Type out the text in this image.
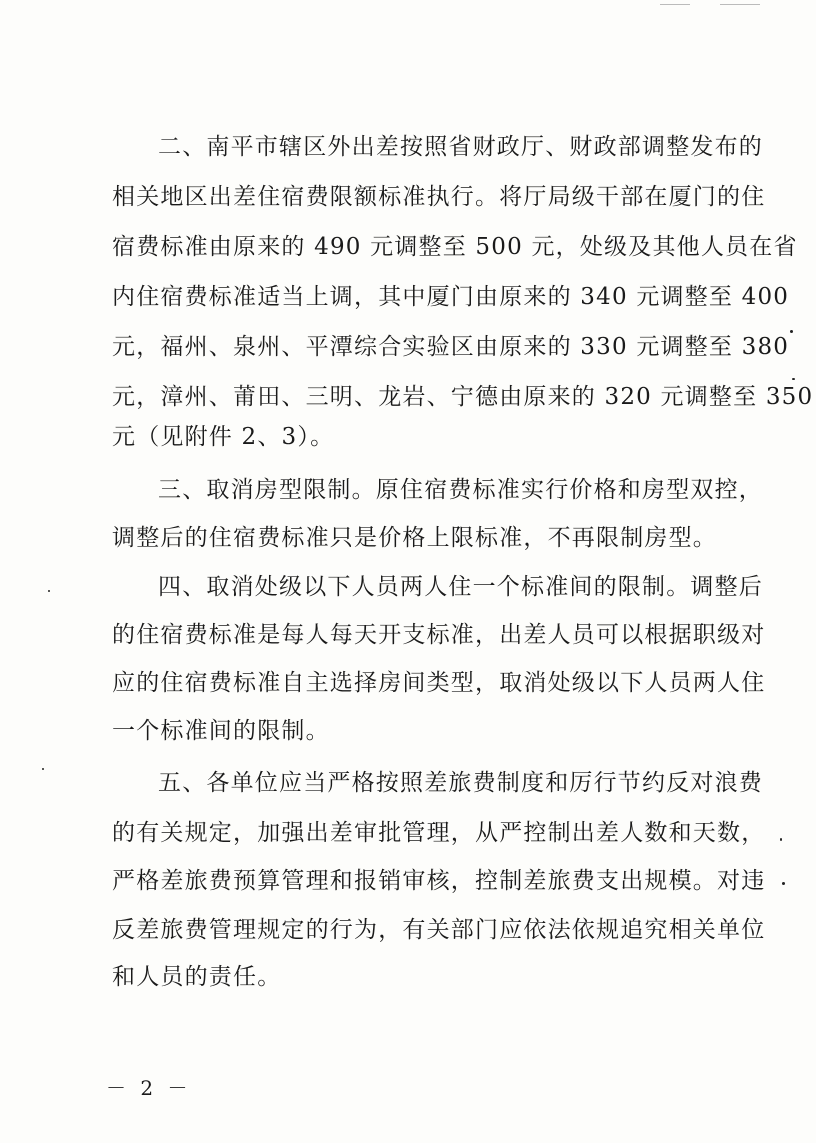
二、南平市辖区外出差按照省财政厅、财政部调整发布的
相关地区出差住宿费限额标准执行。将厅局级干部在厦门的住
宿费标准由原来的 490 元调整至 500 元，处级及其他人员在省
内住宿费标准适当上调，其中厦门由原来的 340 元调整至 400
元，福州、泉州、平潭综合实验区由原来的 330 元调整至 380
元，漳州、莆田、三明、龙岩、宁德由原来的 320 元调整至 350
元（见附件 2、3）。
三、取消房型限制。原住宿费标准实行价格和房型双控，
调整后的住宿费标准只是价格上限标准，不再限制房型。
四、取消处级以下人员两人住一个标准间的限制。调整后
的住宿费标准是每人每天开支标准，出差人员可以根据职级对
应的住宿费标准自主选择房间类型，取消处级以下人员两人住
一个标准间的限制。
五、各单位应当严格按照差旅费制度和厉行节约反对浪费
的有关规定，加强出差审批管理，从严控制出差人数和天数，
严格差旅费预算管理和报销审核，控制差旅费支出规模。对违
反差旅费管理规定的行为，有关部门应依法依规追究相关单位
和人员的责任。
－ 2 －
